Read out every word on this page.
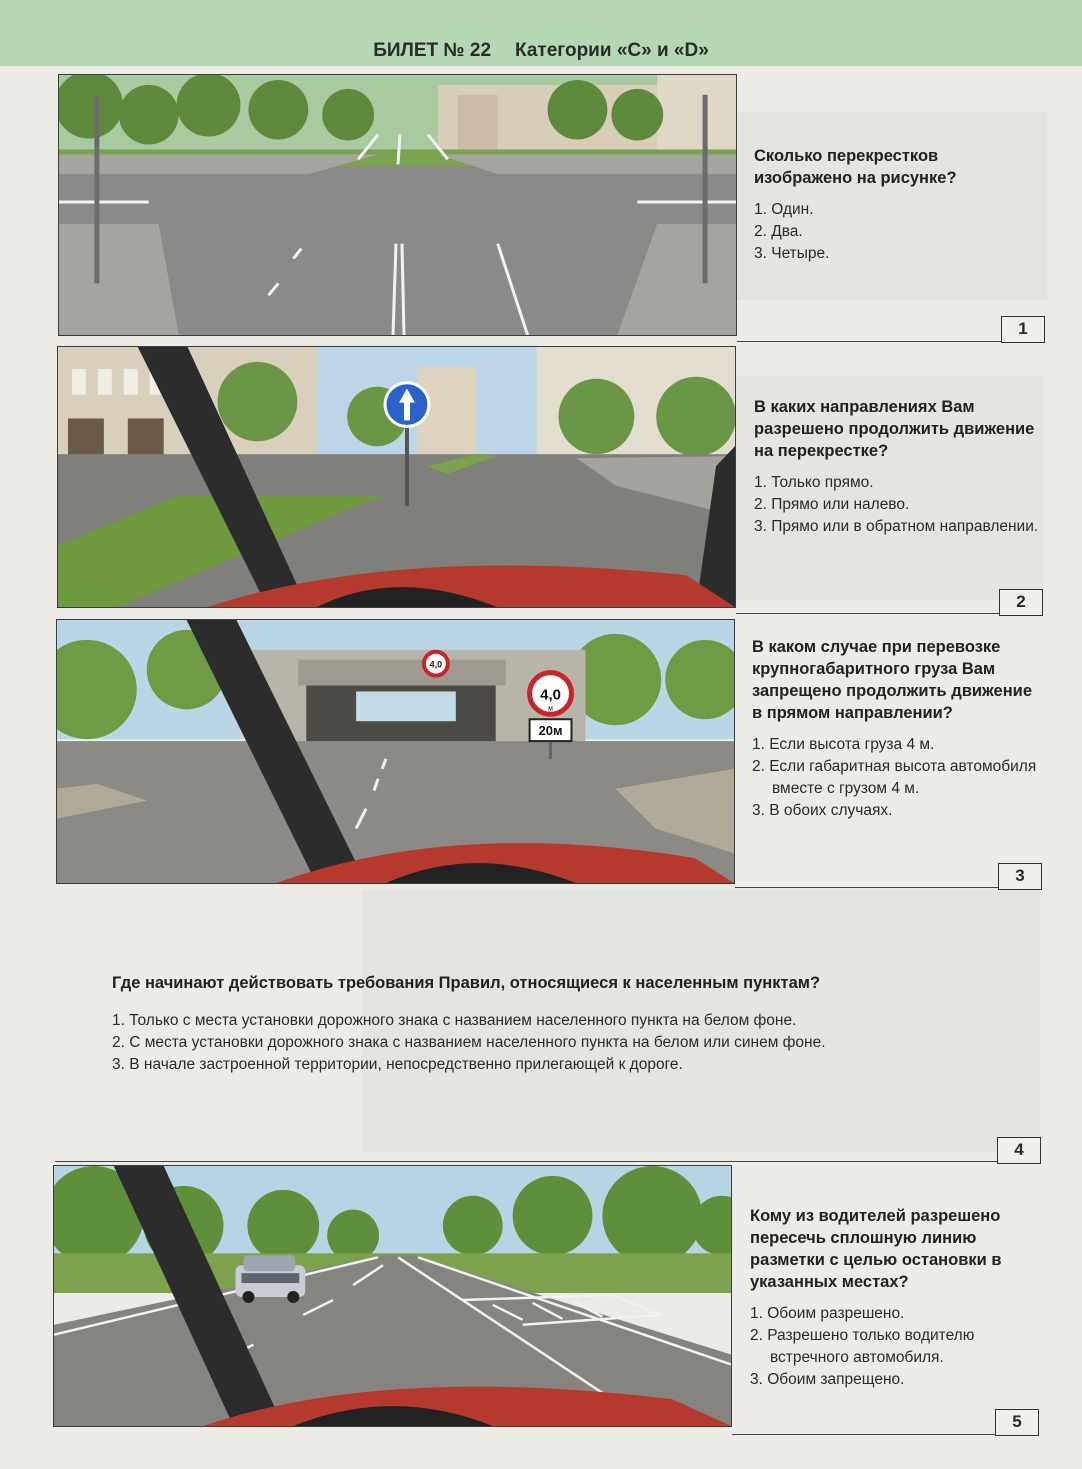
БИЛЕТ № 22 Категории «C» и «D»
Сколько перекрестков изображено на рисунке?
1. Один.
2. Два.
3. Четыре.
1
В каких направлениях Вам разрешено продолжить движение на перекрестке?
1. Только прямо.
2. Прямо или налево.
3. Прямо или в обратном направлении.
2
4,0
4,0
м
20м
В каком случае при перевозке крупногабаритного груза Вам запрещено продолжить движение в прямом направлении?
1. Если высота груза 4 м.
2. Если габаритная высота автомобиля вместе с грузом 4 м.
3. В обоих случаях.
3
Где начинают действовать требования Правил, относящиеся к населенным пунктам?
1. Только с места установки дорожного знака с названием населенного пункта на белом фоне.
2. С места установки дорожного знака с названием населенного пункта на белом или синем фоне.
3. В начале застроенной территории, непосредственно прилегающей к дороге.
4
Кому из водителей разрешено пересечь сплошную линию разметки с целью остановки в указанных местах?
1. Обоим разрешено.
2. Разрешено только водителю встречного автомобиля.
3. Обоим запрещено.
5
